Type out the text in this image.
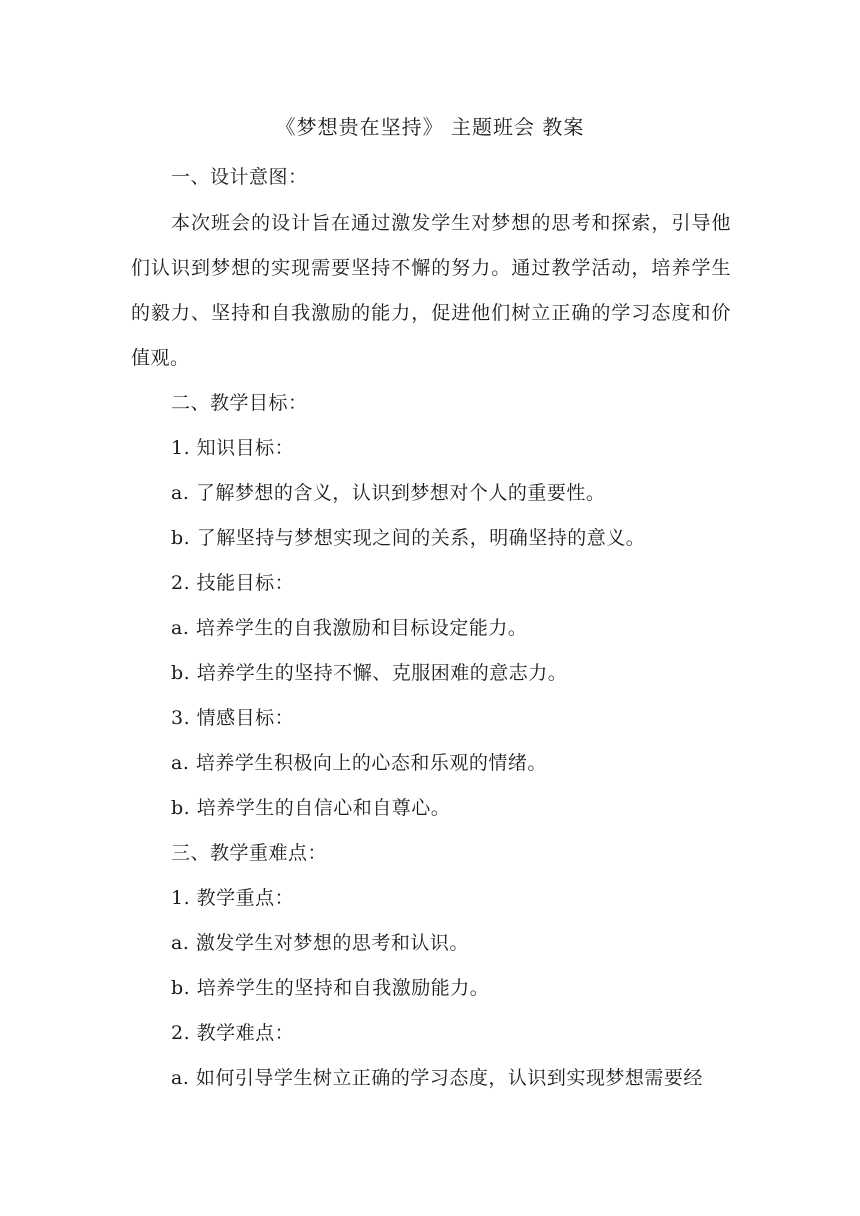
《梦想贵在坚持》 主题班会 教案

一、设计意图：

本次班会的设计旨在通过激发学生对梦想的思考和探索，引导他们认识到梦想的实现需要坚持不懈的努力。通过教学活动，培养学生的毅力、坚持和自我激励的能力，促进他们树立正确的学习态度和价值观。

二、教学目标：

1. 知识目标：

a. 了解梦想的含义，认识到梦想对个人的重要性。

b. 了解坚持与梦想实现之间的关系，明确坚持的意义。

2. 技能目标：

a. 培养学生的自我激励和目标设定能力。

b. 培养学生的坚持不懈、克服困难的意志力。

3. 情感目标：

a. 培养学生积极向上的心态和乐观的情绪。

b. 培养学生的自信心和自尊心。

三、教学重难点：

1. 教学重点：

a. 激发学生对梦想的思考和认识。

b. 培养学生的坚持和自我激励能力。

2. 教学难点：

a. 如何引导学生树立正确的学习态度，认识到实现梦想需要经
